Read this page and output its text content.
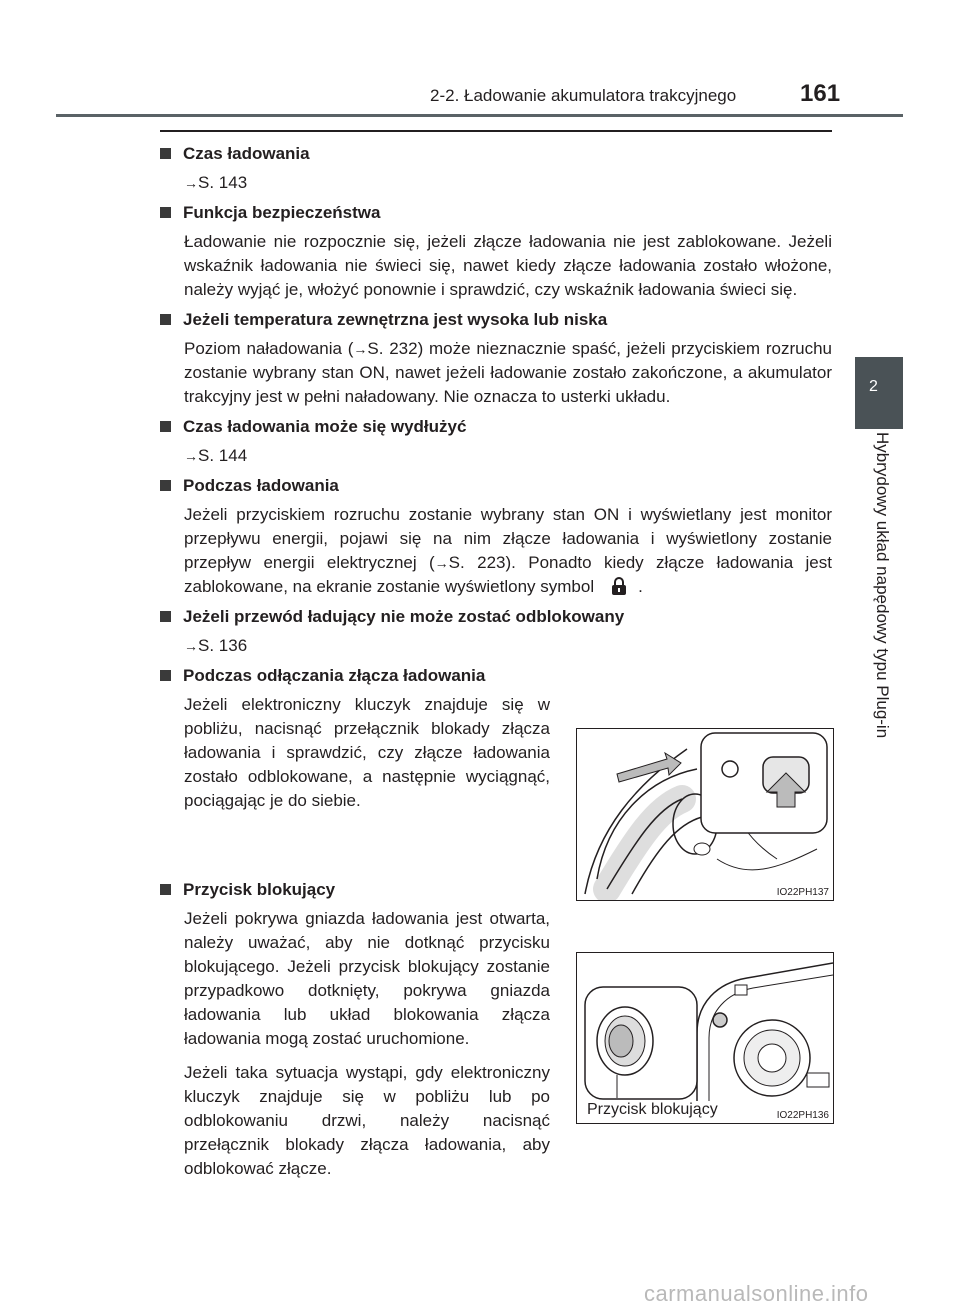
2-2. Ładowanie akumulatora trakcyjnego	161
2
Hybrydowy układ napędowy typu Plug-in
Czas ładowania
→S. 143
Funkcja bezpieczeństwa
Ładowanie nie rozpocznie się, jeżeli złącze ładowania nie jest zablokowane. Jeżeli wskaźnik ładowania nie świeci się, nawet kiedy złącze ładowania zostało włożone, należy wyjąć je, włożyć ponownie i sprawdzić, czy wskaźnik ładowania świeci się.
Jeżeli temperatura zewnętrzna jest wysoka lub niska
Poziom naładowania (→S. 232) może nieznacznie spaść, jeżeli przyciskiem rozruchu zostanie wybrany stan ON, nawet jeżeli ładowanie zostało zakończone, a akumulator trakcyjny jest w pełni naładowany. Nie oznacza to usterki układu.
Czas ładowania może się wydłużyć
→S. 144
Podczas ładowania
Jeżeli przyciskiem rozruchu zostanie wybrany stan ON i wyświetlany jest monitor przepływu energii, pojawi się na nim złącze ładowania i wyświetlony zostanie przepływ energii elektrycznej (→S. 223). Ponadto kiedy złącze ładowania jest zablokowane, na ekranie zostanie wyświetlony symbol	.
Jeżeli przewód ładujący nie może zostać odblokowany
→S. 136
Podczas odłączania złącza ładowania
Jeżeli elektroniczny kluczyk znajduje się w pobliżu, nacisnąć przełącznik blokady złącza ładowania i sprawdzić, czy złącze ładowania zostało odblokowane, a następnie wyciągnąć, pociągając je do siebie.
Przycisk blokujący
Jeżeli pokrywa gniazda ładowania jest otwarta, należy uważać, aby nie dotknąć przycisku blokującego. Jeżeli przycisk blokujący zostanie przypadkowo dotknięty, pokrywa gniazda ładowania lub układ blokowania złącza ładowania mogą zostać uruchomione.
Jeżeli taka sytuacja wystąpi, gdy elektroniczny kluczyk znajduje się w pobliżu lub po odblokowaniu drzwi, należy nacisnąć przełącznik blokady złącza ładowania, aby odblokować złącze.
IO22PH137
Przycisk blokujący	IO22PH136
carmanualsonline.info
